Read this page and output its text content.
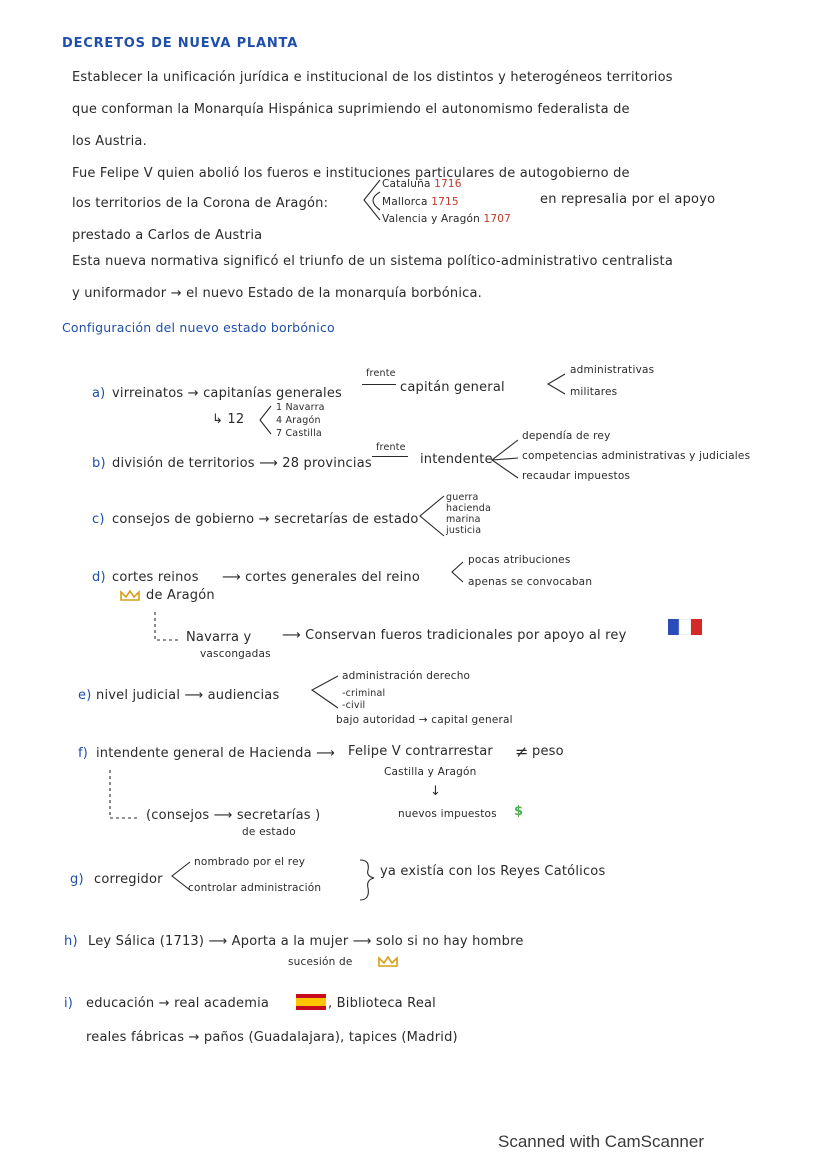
DECRETOS DE NUEVA PLANTA
Establecer la unificación jurídica e institucional de los distintos y heterogéneos territorios
que conforman la Monarquía Hispánica suprimiendo el autonomismo federalista de
los Austria.
Fue Felipe V quien abolió los fueros e instituciones particulares de autogobierno de
los territorios de la Corona de Aragón:
Cataluña 1716
Mallorca 1715
Valencia y Aragón 1707
en represalia por el apoyo
prestado a Carlos de Austria
Esta nueva normativa significó el triunfo de un sistema político-administrativo centralista
y uniformador → el nuevo Estado de la monarquía borbónica.
Configuración del nuevo estado borbónico
a) virreinatos → capitanías generales
frente
capitán general
administrativas
militares
↳ 12
1 Navarra
4 Aragón
7 Castilla
b) división de territorios ⟶ 28 provincias
frente
intendente
dependía de rey
competencias administrativas y judiciales
recaudar impuestos
c) consejos de gobierno → secretarías de estado
guerra
hacienda
marina
justicia
d) cortes reinos
de Aragón
⟶ cortes generales del reino
pocas atribuciones
apenas se convocaban
Navarra y
vascongadas
⟶ Conservan fueros tradicionales por apoyo al rey
e) nivel judicial ⟶ audiencias
administración derecho
-criminal
-civil
bajo autoridad → capital general
f) intendente general de Hacienda ⟶ Felipe V contrarrestar ≠ peso
Castilla y Aragón
↓
nuevos impuestos $
(consejos ⟶ secretarías )
de estado
g) corregidor
nombrado por el rey
controlar administración
ya existía con los Reyes Católicos
h) Ley Sálica (1713) ⟶ Aporta a la mujer ⟶ solo si no hay hombre
sucesión de
i) educación → real academia	, Biblioteca Real
reales fábricas → paños (Guadalajara), tapices (Madrid)
Scanned with CamScanner
